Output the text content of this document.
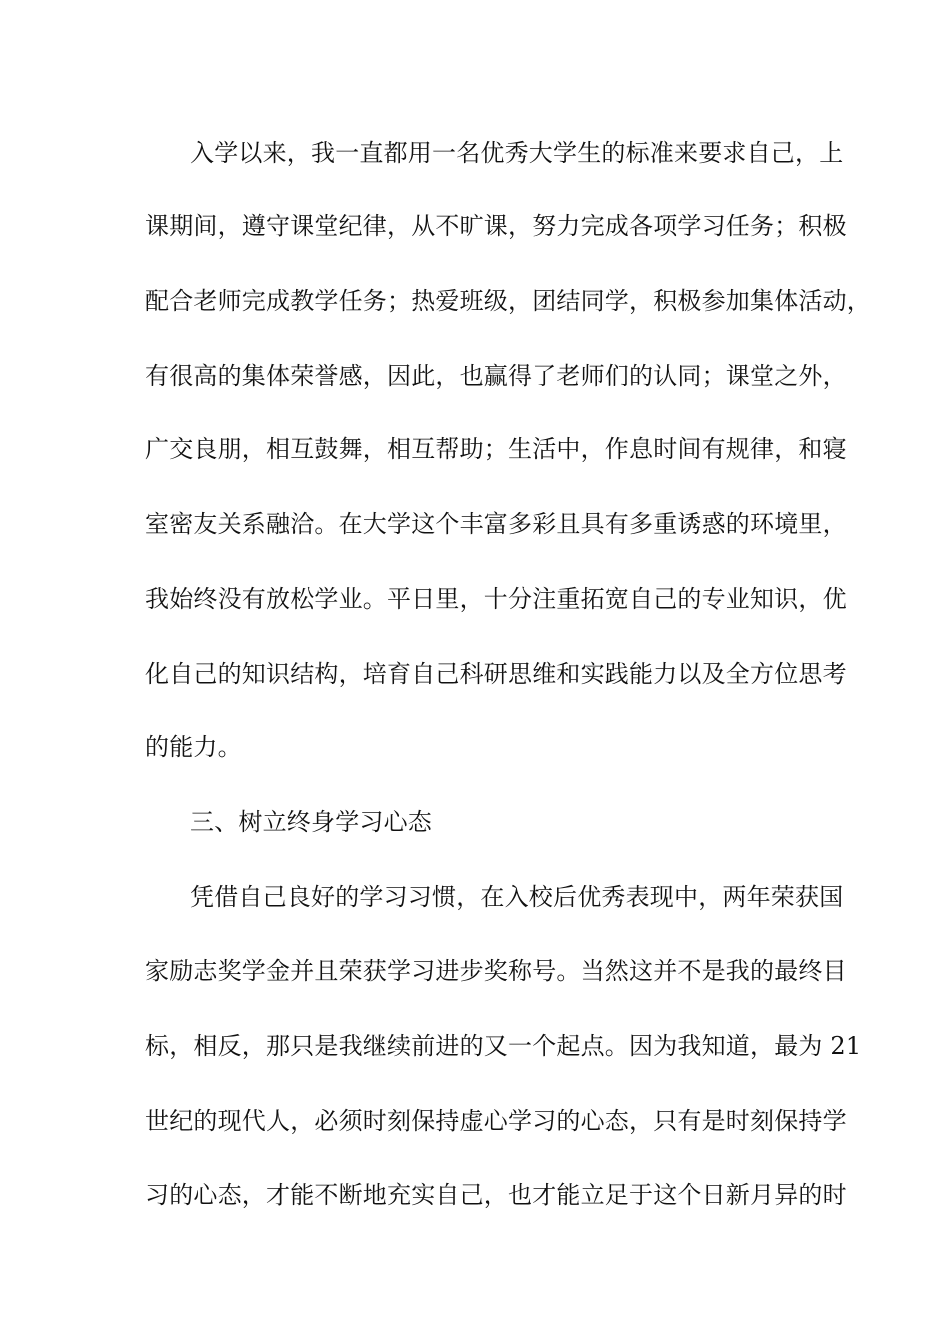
入学以来，我一直都用一名优秀大学生的标准来要求自己，上
课期间，遵守课堂纪律，从不旷课，努力完成各项学习任务；积极
配合老师完成教学任务；热爱班级，团结同学，积极参加集体活动，
有很高的集体荣誉感，因此，也赢得了老师们的认同；课堂之外，
广交良朋，相互鼓舞，相互帮助；生活中，作息时间有规律，和寝
室密友关系融洽。在大学这个丰富多彩且具有多重诱惑的环境里，
我始终没有放松学业。平日里，十分注重拓宽自己的专业知识，优
化自己的知识结构，培育自己科研思维和实践能力以及全方位思考
的能力。
三、树立终身学习心态
凭借自己良好的学习习惯，在入校后优秀表现中，两年荣获国
家励志奖学金并且荣获学习进步奖称号。当然这并不是我的最终目
标，相反，那只是我继续前进的又一个起点。因为我知道，最为 21
世纪的现代人，必须时刻保持虚心学习的心态，只有是时刻保持学
习的心态，才能不断地充实自己，也才能立足于这个日新月异的时
